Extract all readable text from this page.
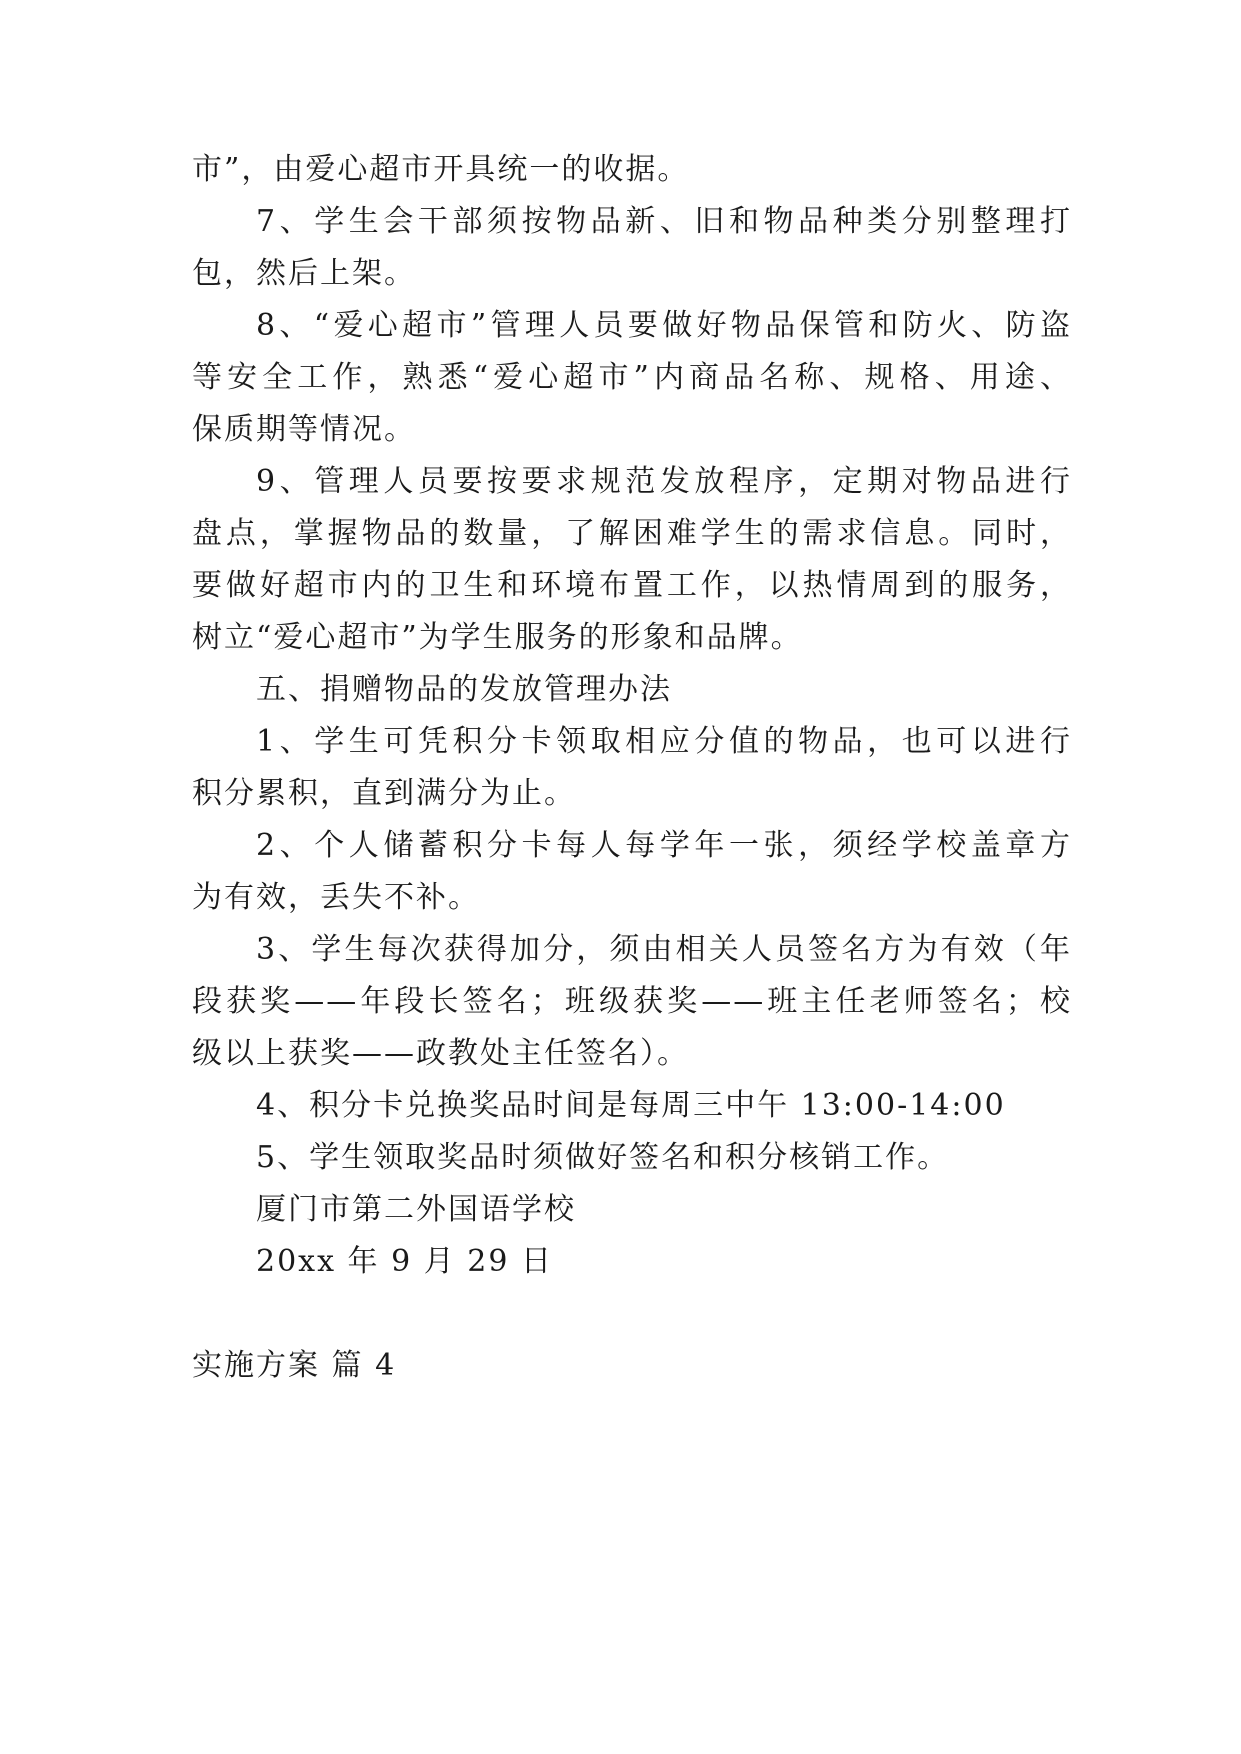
市”，由爱心超市开具统一的收据。
7、学生会干部须按物品新、旧和物品种类分别整理打
包，然后上架。
8、“爱心超市”管理人员要做好物品保管和防火、防盗
等安全工作，熟悉“爱心超市”内商品名称、规格、用途、
保质期等情况。
9、管理人员要按要求规范发放程序，定期对物品进行
盘点，掌握物品的数量，了解困难学生的需求信息。同时，
要做好超市内的卫生和环境布置工作，以热情周到的服务，
树立“爱心超市”为学生服务的形象和品牌。
五、捐赠物品的发放管理办法
1、学生可凭积分卡领取相应分值的物品，也可以进行
积分累积，直到满分为止。
2、个人储蓄积分卡每人每学年一张，须经学校盖章方
为有效，丢失不补。
3、学生每次获得加分，须由相关人员签名方为有效（年
段获奖——年段长签名；班级获奖——班主任老师签名；校
级以上获奖——政教处主任签名）。
4、积分卡兑换奖品时间是每周三中午 13:00-14:00
5、学生领取奖品时须做好签名和积分核销工作。
厦门市第二外国语学校
20xx 年 9 月 29 日
实施方案 篇 4
